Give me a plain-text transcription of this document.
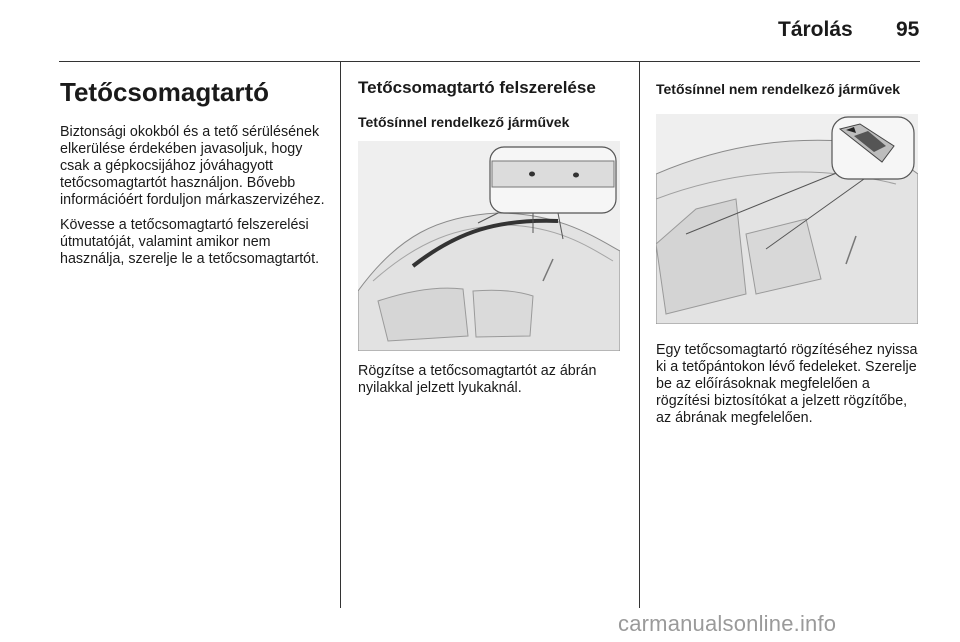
Tárolás 95
Tetőcsomagtartó

Biztonsági okokból és a tető sérülésének elkerülése érdekében javasoljuk, hogy csak a gépkocsijához jóváhagyott tetőcsomagtartót használjon. Bővebb információért forduljon márkaszervizéhez.

Kövesse a tetőcsomagtartó felszerelési útmutatóját, valamint amikor nem használja, szerelje le a tetőcsomagtartót.

Tetőcsomagtartó felszerelése
Tetősínnel rendelkező járművek

Rögzítse a tetőcsomagtartót az ábrán nyilakkal jelzett lyukaknál.

Tetősínnel nem rendelkező járművek

Egy tetőcsomagtartó rögzítéséhez nyissa ki a tetőpántokon lévő fedeleket. Szerelje be az előírásoknak megfelelően a rögzítési biztosítókat a jelzett rögzítőbe, az ábrának megfelelően.

carmanualsonline.info
